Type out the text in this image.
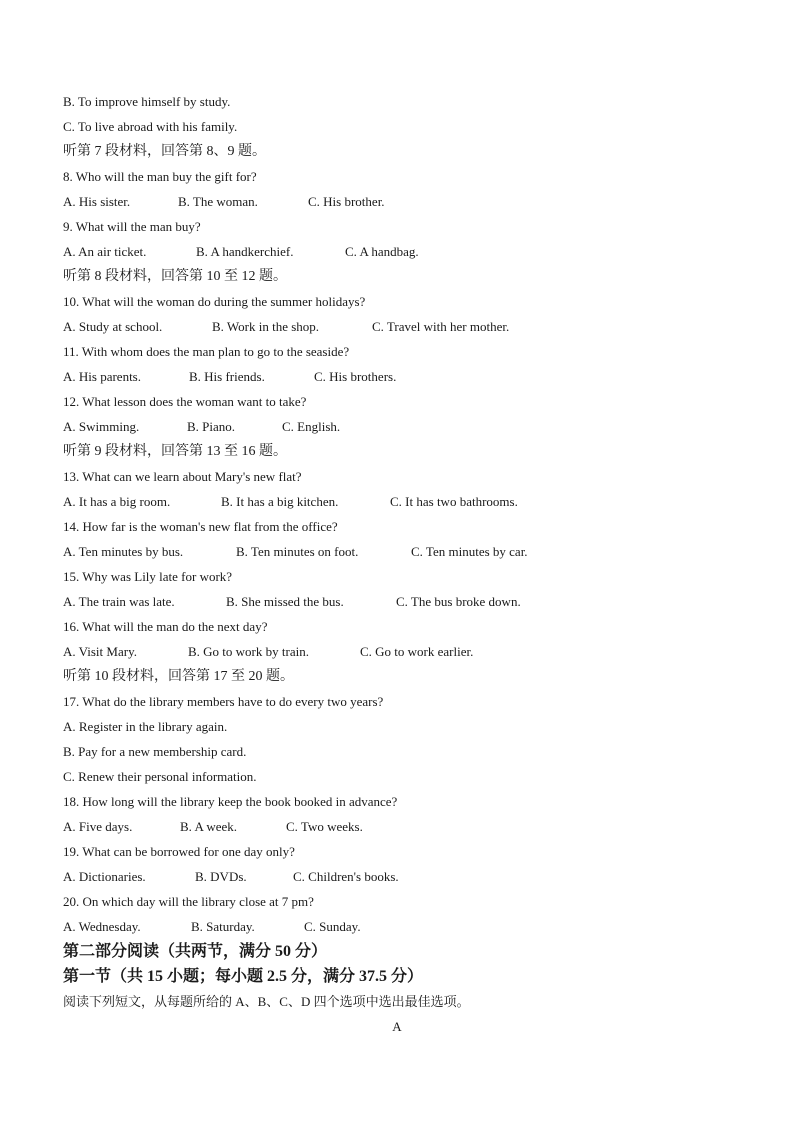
B. To improve himself by study.
C. To live abroad with his family.
听第 7 段材料，回答第 8、9 题。
8. Who will the man buy the gift for?
A. His sister.	B. The woman.	C. His brother.
9. What will the man buy?
A. An air ticket.	B. A handkerchief.	C. A handbag.
听第 8 段材料，回答第 10 至 12 题。
10. What will the woman do during the summer holidays?
A. Study at school.	B. Work in the shop.	C. Travel with her mother.
11. With whom does the man plan to go to the seaside?
A. His parents.	B. His friends.	C. His brothers.
12. What lesson does the woman want to take?
A. Swimming.	B. Piano.	C. English.
听第 9 段材料，回答第 13 至 16 题。
13. What can we learn about Mary's new flat?
A. It has a big room.	B. It has a big kitchen.	C. It has two bathrooms.
14. How far is the woman's new flat from the office?
A. Ten minutes by bus.	B. Ten minutes on foot.	C. Ten minutes by car.
15. Why was Lily late for work?
A. The train was late.	B. She missed the bus.	C. The bus broke down.
16. What will the man do the next day?
A. Visit Mary.	B. Go to work by train.	C. Go to work earlier.
听第 10 段材料，回答第 17 至 20 题。
17. What do the library members have to do every two years?
A. Register in the library again.
B. Pay for a new membership card.
C. Renew their personal information.
18. How long will the library keep the book booked in advance?
A. Five days.	B. A week.	C. Two weeks.
19. What can be borrowed for one day only?
A. Dictionaries.	B. DVDs.	C. Children's books.
20. On which day will the library close at 7 pm?
A. Wednesday.	B. Saturday.	C. Sunday.
第二部分阅读（共两节，满分 50 分）
第一节（共 15 小题；每小题 2.5 分，满分 37.5 分）
阅读下列短文，从每题所给的 A、B、C、D 四个选项中选出最佳选项。
A
